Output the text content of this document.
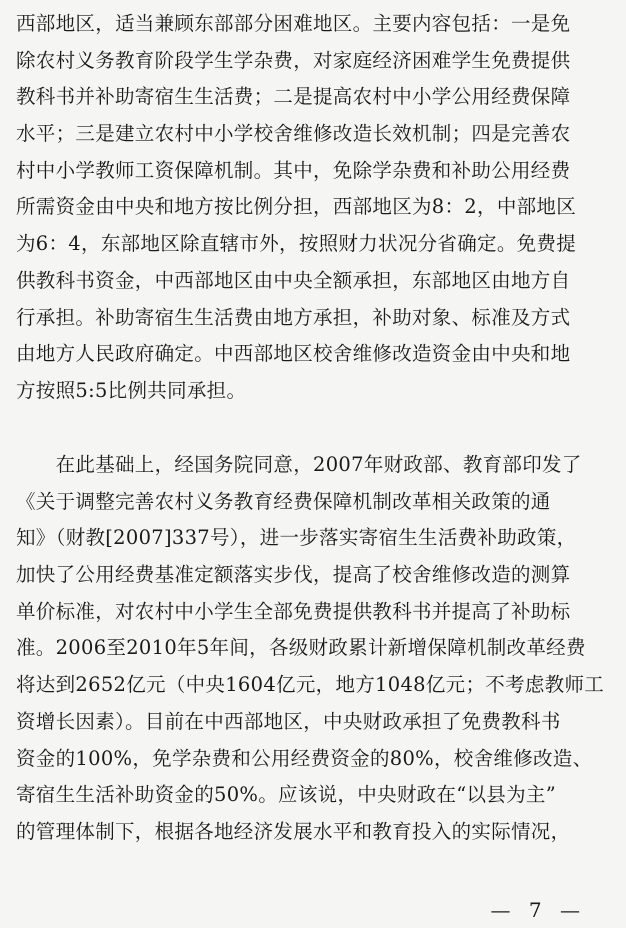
西部地区，适当兼顾东部部分困难地区。主要内容包括：一是免
除农村义务教育阶段学生学杂费，对家庭经济困难学生免费提供
教科书并补助寄宿生生活费；二是提高农村中小学公用经费保障
水平；三是建立农村中小学校舍维修改造长效机制；四是完善农
村中小学教师工资保障机制。其中，免除学杂费和补助公用经费
所需资金由中央和地方按比例分担，西部地区为8：2，中部地区
为6：4，东部地区除直辖市外，按照财力状况分省确定。免费提
供教科书资金，中西部地区由中央全额承担，东部地区由地方自
行承担。补助寄宿生生活费由地方承担，补助对象、标准及方式
由地方人民政府确定。中西部地区校舍维修改造资金由中央和地
方按照5:5比例共同承担。
　　在此基础上，经国务院同意，2007年财政部、教育部印发了
《关于调整完善农村义务教育经费保障机制改革相关政策的通
知》（财教[2007]337号），进一步落实寄宿生生活费补助政策，
加快了公用经费基准定额落实步伐，提高了校舍维修改造的测算
单价标准，对农村中小学生全部免费提供教科书并提高了补助标
准。2006至2010年5年间，各级财政累计新增保障机制改革经费
将达到2652亿元（中央1604亿元，地方1048亿元；不考虑教师工
资增长因素）。目前在中西部地区，中央财政承担了免费教科书
资金的100%，免学杂费和公用经费资金的80%，校舍维修改造、
寄宿生生活补助资金的50%。应该说，中央财政在“以县为主”
的管理体制下，根据各地经济发展水平和教育投入的实际情况，
— 7 —
